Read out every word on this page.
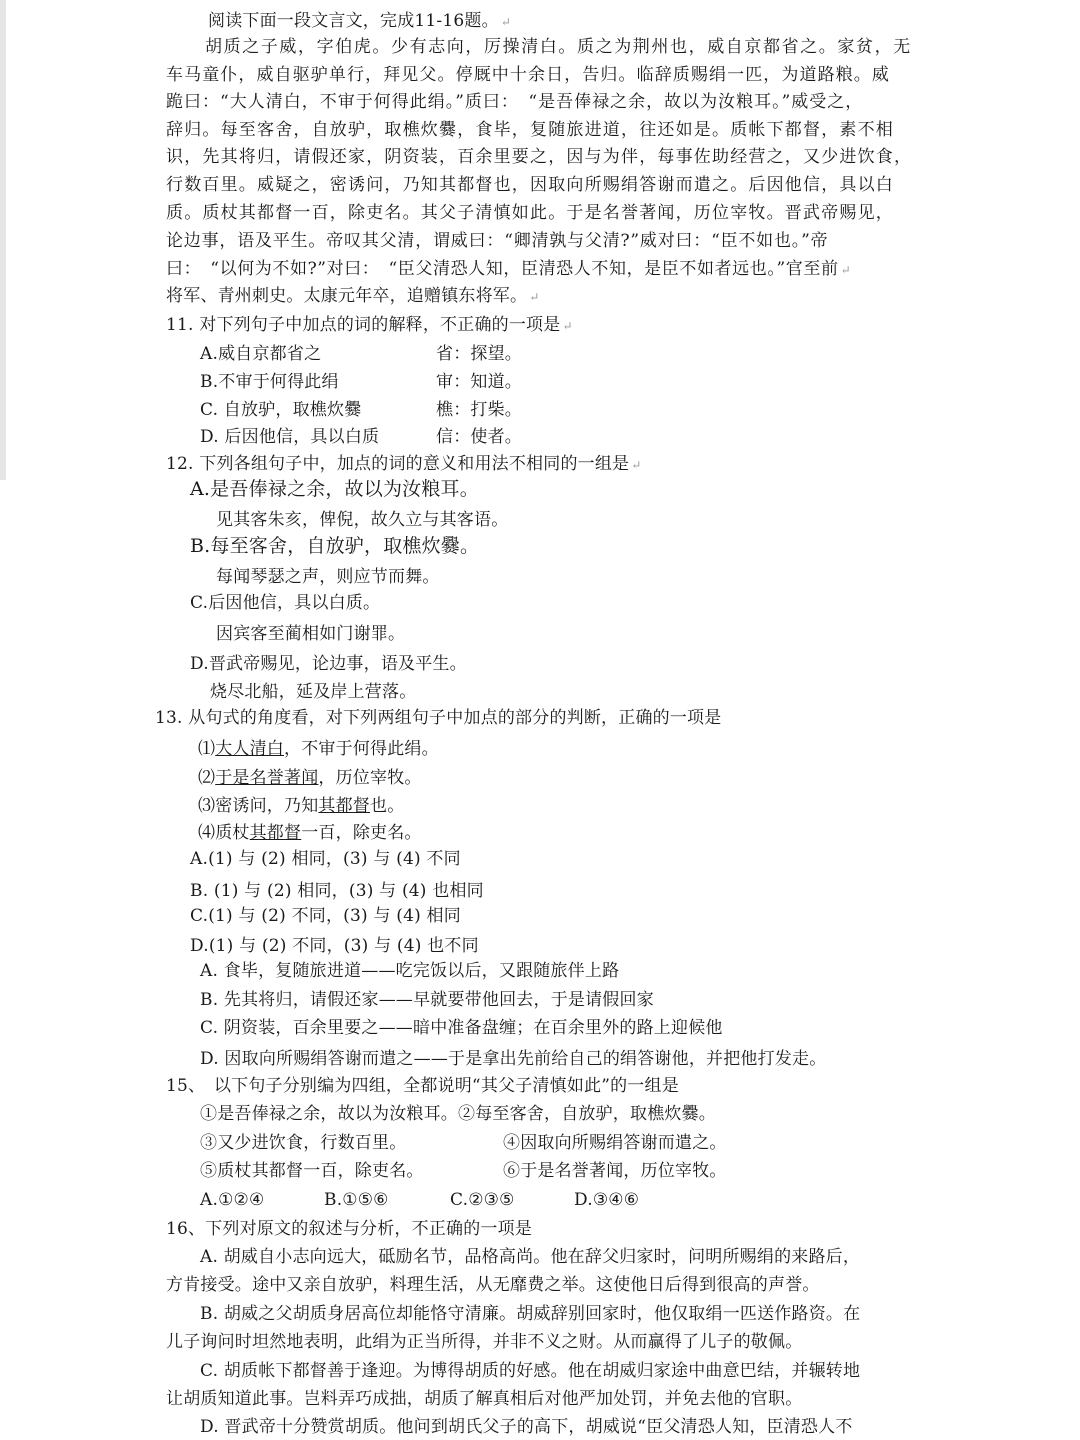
阅读下面一段文言文，完成11-16题。 ↵
胡质之子威，字伯虎。少有志向，厉操清白。质之为荆州也，威自京都省之。家贫，无
车马童仆，威自驱驴单行，拜见父。停厩中十余日，告归。临辞质赐绢一匹，为道路粮。威
跪曰：“大人清白，不审于何得此绢。”质曰：　“是吾俸禄之余，故以为汝粮耳。”威受之，
辞归。每至客舍，自放驴，取樵炊爨，食毕，复随旅进道，往还如是。质帐下都督，素不相
识，先其将归，请假还家，阴资装，百余里要之，因与为伴，每事佐助经营之，又少进饮食，
行数百里。威疑之，密诱问，乃知其都督也，因取向所赐绢答谢而遣之。后因他信，具以白
质。质杖其都督一百，除吏名。其父子清慎如此。于是名誉著闻，历位宰牧。晋武帝赐见，
论边事，语及平生。帝叹其父清，谓威曰：“卿清孰与父清?”威对曰：“臣不如也。”帝
曰：　“以何为不如?”对曰：　“臣父清恐人知，臣清恐人不知，是臣不如者远也。”官至前 ↵
将军、青州刺史。太康元年卒，追赠镇东将军。 ↵
11. 对下列句子中加点的词的解释，不正确的一项是 ↵
A.威自京都省之	省：探望。
B.不审于何得此绢	审：知道。
C. 自放驴，取樵炊爨	樵：打柴。
D. 后因他信，具以白质	信：使者。
12. 下列各组句子中，加点的词的意义和用法不相同的一组是 ↵
A.是吾俸禄之余，故以为汝粮耳。
见其客朱亥，俾倪，故久立与其客语。
B.每至客舍，自放驴，取樵炊爨。
每闻琴瑟之声，则应节而舞。
C.后因他信，具以白质。
因宾客至蔺相如门谢罪。
D.晋武帝赐见，论边事，语及平生。
烧尽北船，延及岸上营落。
13. 从句式的角度看，对下列两组句子中加点的部分的判断，正确的一项是
⑴大人清白，不审于何得此绢。
⑵于是名誉著闻，历位宰牧。
⑶密诱问，乃知其都督也。
⑷质杖其都督一百，除吏名。
A.(1) 与 (2) 相同，(3) 与 (4) 不同
B. (1) 与 (2) 相同，(3) 与 (4) 也相同
C.(1) 与 (2) 不同，(3) 与 (4) 相同
D.(1) 与 (2) 不同，(3) 与 (4) 也不同
A. 食毕，复随旅进道——吃完饭以后，又跟随旅伴上路
B. 先其将归，请假还家——早就要带他回去，于是请假回家
C. 阴资装，百余里要之——暗中准备盘缠；在百余里外的路上迎候他
D. 因取向所赐绢答谢而遣之——于是拿出先前给自己的绢答谢他，并把他打发走。
15、　以下句子分别编为四组，全都说明“其父子清慎如此”的一组是
①是吾俸禄之余，故以为汝粮耳。②每至客舍，自放驴，取樵炊爨。
③又少进饮食，行数百里。	④因取向所赐绢答谢而遣之。
⑤质杖其都督一百，除吏名。	⑥于是名誉著闻，历位宰牧。
A.①②④	B.①⑤⑥	C.②③⑤	D.③④⑥
16、下列对原文的叙述与分析，不正确的一项是
A. 胡威自小志向远大，砥励名节，品格高尚。他在辞父归家时，问明所赐绢的来路后，
方肯接受。途中又亲自放驴，料理生活，从无靡费之举。这使他日后得到很高的声誉。
B. 胡威之父胡质身居高位却能恪守清廉。胡威辞别回家时，他仅取绢一匹送作路资。在
儿子询问时坦然地表明，此绢为正当所得，并非不义之财。从而赢得了儿子的敬佩。
C. 胡质帐下都督善于逢迎。为博得胡质的好感。他在胡威归家途中曲意巴结，并辗转地
让胡质知道此事。岂料弄巧成拙，胡质了解真相后对他严加处罚，并免去他的官职。
D. 晋武帝十分赞赏胡质。他问到胡氏父子的高下，胡威说“臣父清恐人知，臣清恐人不
